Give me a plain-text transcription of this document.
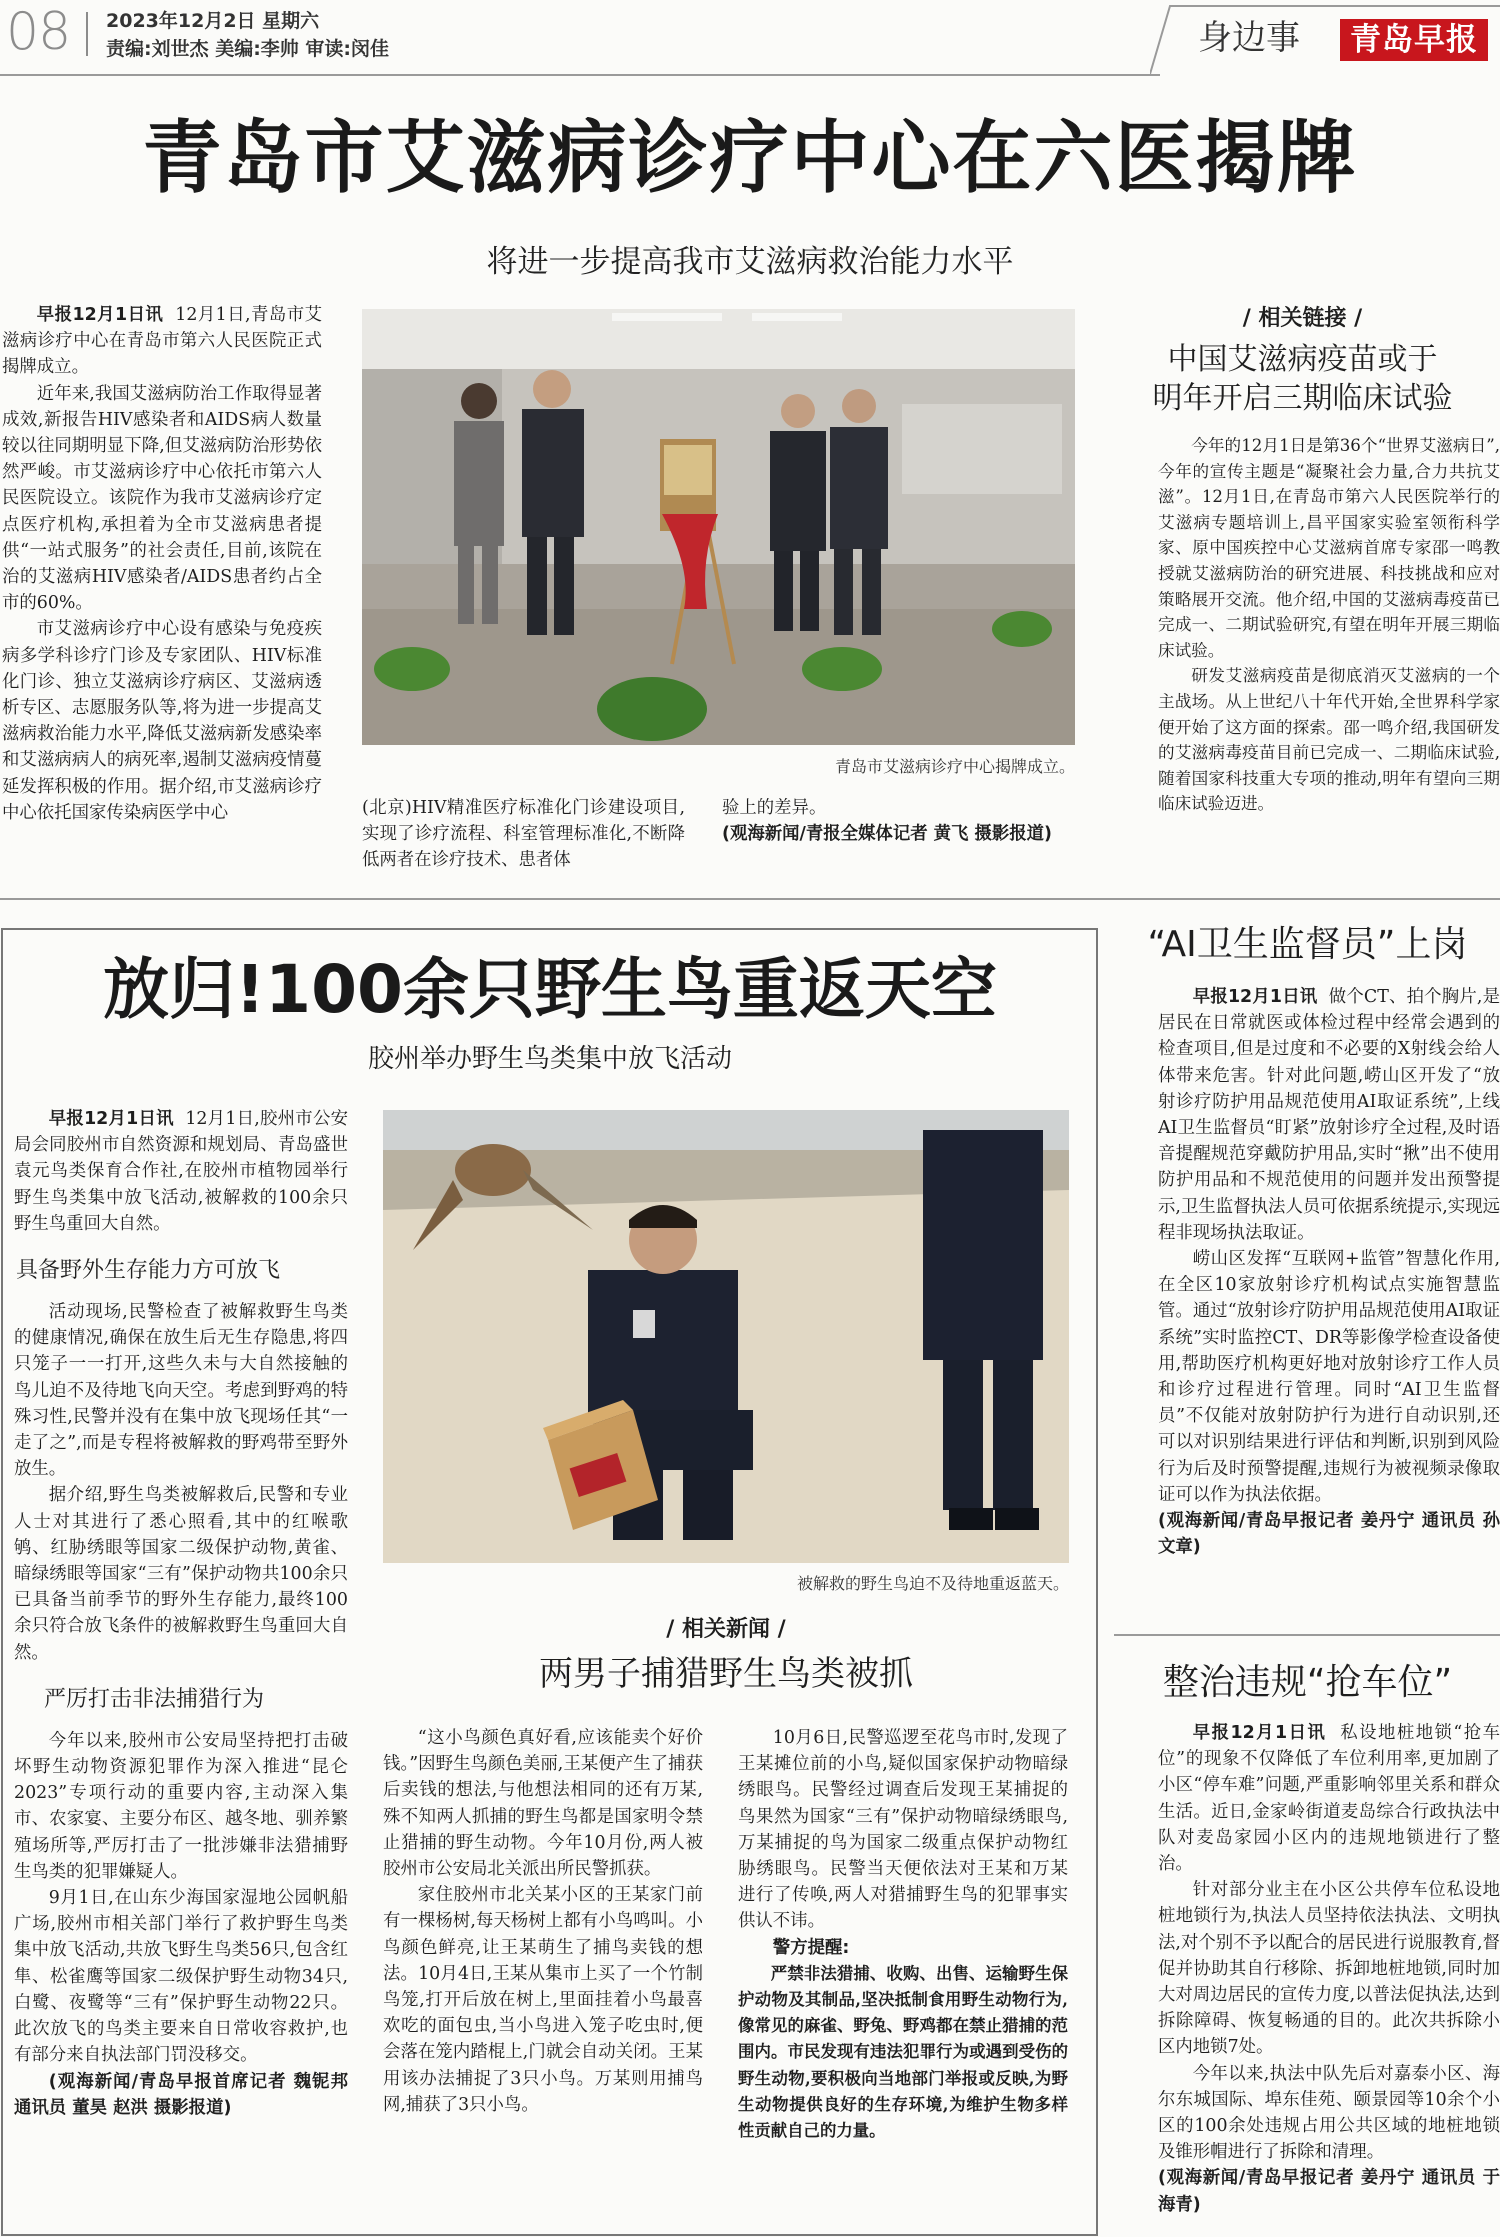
08 2023年12月2日 星期六
责编:刘世杰 美编:李帅 审读:闵佳	身边事	青岛早报
青岛市艾滋病诊疗中心在六医揭牌
将进一步提高我市艾滋病救治能力水平

早报12月1日讯 12月1日,青岛市艾滋病诊疗中心在青岛市第六人民医院正式揭牌成立。

近年来,我国艾滋病防治工作取得显著成效,新报告HIV感染者和AIDS病人数量较以往同期明显下降,但艾滋病防治形势依然严峻。市艾滋病诊疗中心依托市第六人民医院设立。该院作为我市艾滋病诊疗定点医疗机构,承担着为全市艾滋病患者提供“一站式服务”的社会责任,目前,该院在治的艾滋病HIV感染者/AIDS患者约占全市的60%。

市艾滋病诊疗中心设有感染与免疫疾病多学科诊疗门诊及专家团队、HIV标准化门诊、独立艾滋病诊疗病区、艾滋病透析专区、志愿服务队等,将为进一步提高艾滋病救治能力水平,降低艾滋病新发感染率和艾滋病病人的病死率,遏制艾滋病疫情蔓延发挥积极的作用。据介绍,市艾滋病诊疗中心依托国家传染病医学中心

青岛市艾滋病诊疗中心揭牌成立。

(北京)HIV精准医疗标准化门诊建设项目,实现了诊疗流程、科室管理标准化,不断降低两者在诊疗技术、患者体

验上的差异。

(观海新闻/青报全媒体记者 黄飞 摄影报道)

/ 相关链接 /
中国艾滋病疫苗或于
明年开启三期临床试验

今年的12月1日是第36个“世界艾滋病日”,今年的宣传主题是“凝聚社会力量,合力共抗艾滋”。12月1日,在青岛市第六人民医院举行的艾滋病专题培训上,昌平国家实验室领衔科学家、原中国疾控中心艾滋病首席专家邵一鸣教授就艾滋病防治的研究进展、科技挑战和应对策略展开交流。他介绍,中国的艾滋病毒疫苗已完成一、二期试验研究,有望在明年开展三期临床试验。

研发艾滋病疫苗是彻底消灭艾滋病的一个主战场。从上世纪八十年代开始,全世界科学家便开始了这方面的探索。邵一鸣介绍,我国研发的艾滋病毒疫苗目前已完成一、二期临床试验,随着国家科技重大专项的推动,明年有望向三期临床试验迈进。

放归!100余只野生鸟重返天空
胶州举办野生鸟类集中放飞活动

早报12月1日讯 12月1日,胶州市公安局会同胶州市自然资源和规划局、青岛盛世袁元鸟类保育合作社,在胶州市植物园举行野生鸟类集中放飞活动,被解救的100余只野生鸟重回大自然。

具备野外生存能力方可放飞

活动现场,民警检查了被解救野生鸟类的健康情况,确保在放生后无生存隐患,将四只笼子一一打开,这些久未与大自然接触的鸟儿迫不及待地飞向天空。考虑到野鸡的特殊习性,民警并没有在集中放飞现场任其“一走了之”,而是专程将被解救的野鸡带至野外放生。

据介绍,野生鸟类被解救后,民警和专业人士对其进行了悉心照看,其中的红喉歌鸲、红胁绣眼等国家二级保护动物,黄雀、暗绿绣眼等国家“三有”保护动物共100余只已具备当前季节的野外生存能力,最终100余只符合放飞条件的被解救野生鸟重回大自然。

严厉打击非法捕猎行为

今年以来,胶州市公安局坚持把打击破坏野生动物资源犯罪作为深入推进“昆仑2023”专项行动的重要内容,主动深入集市、农家宴、主要分布区、越冬地、驯养繁殖场所等,严厉打击了一批涉嫌非法猎捕野生鸟类的犯罪嫌疑人。

9月1日,在山东少海国家湿地公园帆船广场,胶州市相关部门举行了救护野生鸟类集中放飞活动,共放飞野生鸟类56只,包含红隼、松雀鹰等国家二级保护野生动物34只,白鹭、夜鹭等“三有”保护野生动物22只。此次放飞的鸟类主要来自日常收容救护,也有部分来自执法部门罚没移交。

(观海新闻/青岛早报首席记者 魏铌邦 通讯员 董昊 赵洪 摄影报道)

被解救的野生鸟迫不及待地重返蓝天。
/ 相关新闻 /
两男子捕猎野生鸟类被抓

“这小鸟颜色真好看,应该能卖个好价钱。”因野生鸟颜色美丽,王某便产生了捕获后卖钱的想法,与他想法相同的还有万某,殊不知两人抓捕的野生鸟都是国家明令禁止猎捕的野生动物。今年10月份,两人被胶州市公安局北关派出所民警抓获。

家住胶州市北关某小区的王某家门前有一棵杨树,每天杨树上都有小鸟鸣叫。小鸟颜色鲜亮,让王某萌生了捕鸟卖钱的想法。10月4日,王某从集市上买了一个竹制鸟笼,打开后放在树上,里面挂着小鸟最喜欢吃的面包虫,当小鸟进入笼子吃虫时,便会落在笼内踏棍上,门就会自动关闭。王某用该办法捕捉了3只小鸟。万某则用捕鸟网,捕获了3只小鸟。

10月6日,民警巡逻至花鸟市时,发现了王某摊位前的小鸟,疑似国家保护动物暗绿绣眼鸟。民警经过调查后发现王某捕捉的鸟果然为国家“三有”保护动物暗绿绣眼鸟,万某捕捉的鸟为国家二级重点保护动物红胁绣眼鸟。民警当天便依法对王某和万某进行了传唤,两人对猎捕野生鸟的犯罪事实供认不讳。

警方提醒:

严禁非法猎捕、收购、出售、运输野生保护动物及其制品,坚决抵制食用野生动物行为,像常见的麻雀、野兔、野鸡都在禁止猎捕的范围内。市民发现有违法犯罪行为或遇到受伤的野生动物,要积极向当地部门举报或反映,为野生动物提供良好的生存环境,为维护生物多样性贡献自己的力量。

“AI卫生监督员”上岗

早报12月1日讯 做个CT、拍个胸片,是居民在日常就医或体检过程中经常会遇到的检查项目,但是过度和不必要的X射线会给人体带来危害。针对此问题,崂山区开发了“放射诊疗防护用品规范使用AI取证系统”,上线AI卫生监督员“盯紧”放射诊疗全过程,及时语音提醒规范穿戴防护用品,实时“揪”出不使用防护用品和不规范使用的问题并发出预警提示,卫生监督执法人员可依据系统提示,实现远程非现场执法取证。

崂山区发挥“互联网+监管”智慧化作用,在全区10家放射诊疗机构试点实施智慧监管。通过“放射诊疗防护用品规范使用AI取证系统”实时监控CT、DR等影像学检查设备使用,帮助医疗机构更好地对放射诊疗工作人员和诊疗过程进行管理。同时“AI卫生监督员”不仅能对放射防护行为进行自动识别,还可以对识别结果进行评估和判断,识别到风险行为后及时预警提醒,违规行为被视频录像取证可以作为执法依据。

(观海新闻/青岛早报记者 姜丹宁 通讯员 孙文章)

整治违规“抢车位”

早报12月1日讯 私设地桩地锁“抢车位”的现象不仅降低了车位利用率,更加剧了小区“停车难”问题,严重影响邻里关系和群众生活。近日,金家岭街道麦岛综合行政执法中队对麦岛家园小区内的违规地锁进行了整治。

针对部分业主在小区公共停车位私设地桩地锁行为,执法人员坚持依法执法、文明执法,对个别不予以配合的居民进行说服教育,督促并协助其自行移除、拆卸地桩地锁,同时加大对周边居民的宣传力度,以普法促执法,达到拆除障碍、恢复畅通的目的。此次共拆除小区内地锁7处。

今年以来,执法中队先后对嘉泰小区、海尔东城国际、埠东佳苑、颐景园等10余个小区的100余处违规占用公共区域的地桩地锁及锥形帽进行了拆除和清理。

(观海新闻/青岛早报记者 姜丹宁 通讯员 于海青)
